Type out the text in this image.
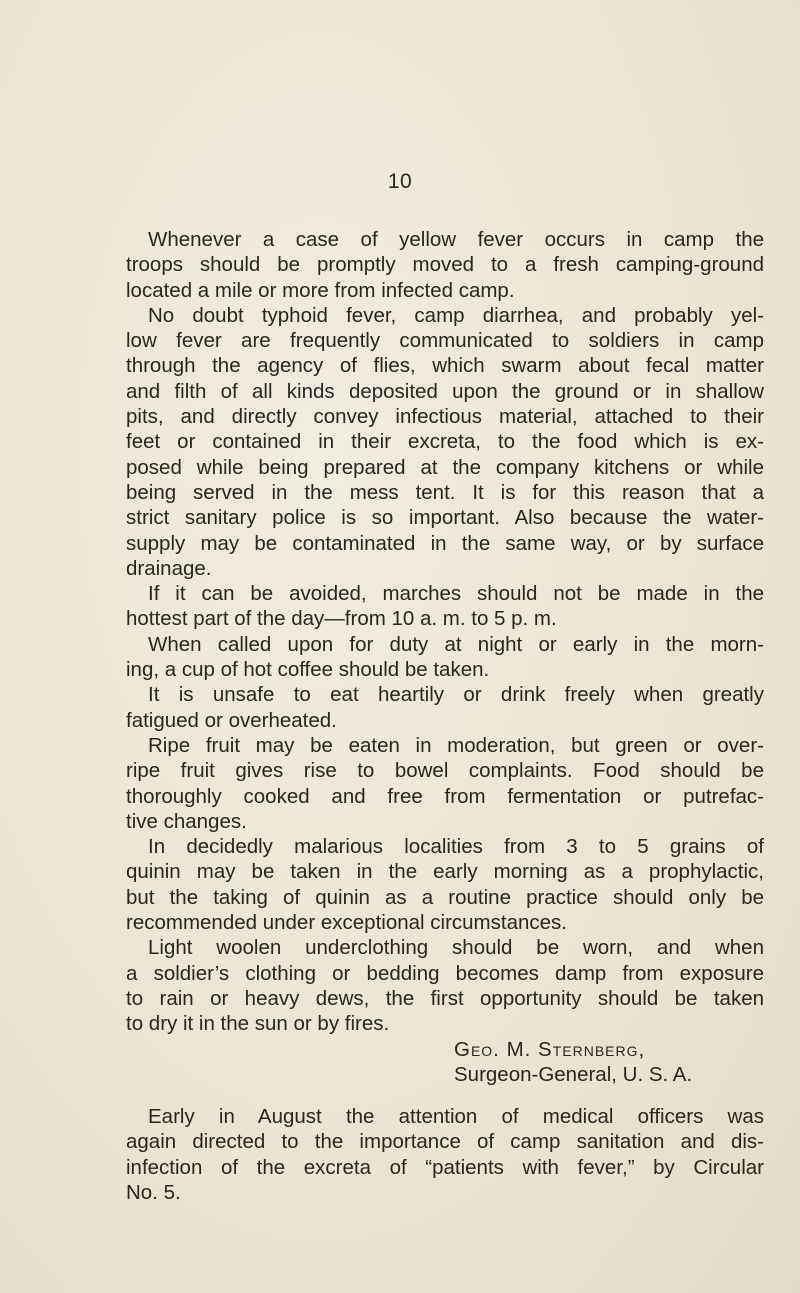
10
Whenever a case of yellow fever occurs in camp the
troops should be promptly moved to a fresh camping-ground
located a mile or more from infected camp.
No doubt typhoid fever, camp diarrhea, and probably yel-
low fever are frequently communicated to soldiers in camp
through the agency of flies, which swarm about fecal matter
and filth of all kinds deposited upon the ground or in shallow
pits, and directly convey infectious material, attached to their
feet or contained in their excreta, to the food which is ex-
posed while being prepared at the company kitchens or while
being served in the mess tent. It is for this reason that a
strict sanitary police is so important. Also because the water-
supply may be contaminated in the same way, or by surface
drainage.
If it can be avoided, marches should not be made in the
hottest part of the day—from 10 a. m. to 5 p. m.
When called upon for duty at night or early in the morn-
ing, a cup of hot coffee should be taken.
It is unsafe to eat heartily or drink freely when greatly
fatigued or overheated.
Ripe fruit may be eaten in moderation, but green or over-
ripe fruit gives rise to bowel complaints. Food should be
thoroughly cooked and free from fermentation or putrefac-
tive changes.
In decidedly malarious localities from 3 to 5 grains of
quinin may be taken in the early morning as a prophylactic,
but the taking of quinin as a routine practice should only be
recommended under exceptional circumstances.
Light woolen underclothing should be worn, and when
a soldier’s clothing or bedding becomes damp from exposure
to rain or heavy dews, the first opportunity should be taken
to dry it in the sun or by fires.
Geo. M. Sternberg,
Surgeon-General, U. S. A.
Early in August the attention of medical officers was
again directed to the importance of camp sanitation and dis-
infection of the excreta of “patients with fever,” by Circular
No. 5.
